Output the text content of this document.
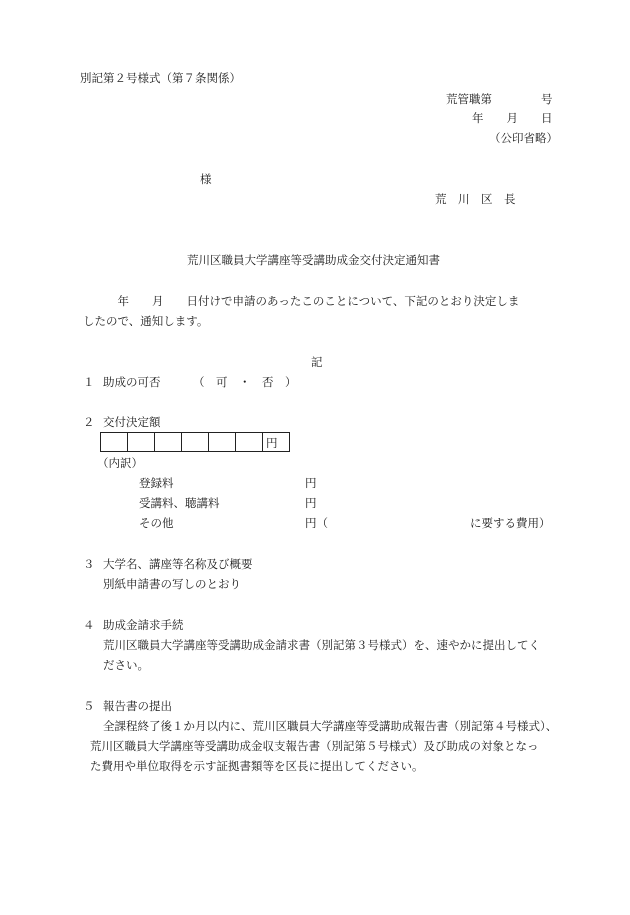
別記第２号様式（第７条関係）
荒管職第	号
年　　月　　日
（公印省略）
様
荒　川　区　長
荒川区職員大学講座等受講助成金交付決定通知書
　　　年　　月　　日付けで申請のあったこのことについて、下記のとおり決定しま
したので、通知します。
記
１ 助成の可否	（　可　・　否　）
２ 交付決定額
円
（内訳）
登録料	円
受講料、聴講料	円
その他	円（	に要する費用）
３ 大学名、講座等名称及び概要
別紙申請書の写しのとおり
４ 助成金請求手続
荒川区職員大学講座等受講助成金請求書（別記第３号様式）を、速やかに提出してく
ださい。
５ 報告書の提出
全課程終了後１か月以内に、荒川区職員大学講座等受講助成報告書（別記第４号様式）、
荒川区職員大学講座等受講助成金収支報告書（別記第５号様式）及び助成の対象となっ
た費用や単位取得を示す証拠書類等を区長に提出してください。
